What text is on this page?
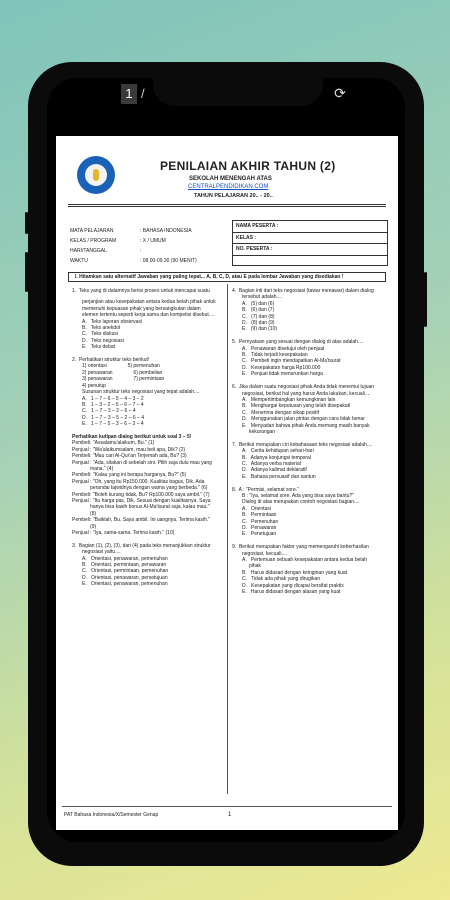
1 /	⟳
PENILAIAN AKHIR TAHUN (2)
SEKOLAH MENENGAH ATAS
CENTRALPENDIDIKAN.COM
TAHUN PELAJARAN 20.. - 20..
MATA PELAJARAN	: BAHASA INDONESIA
KELAS / PROGRAM	: X / UMUM
HARI/TANGGAL	:
WAKTU	: 08.00-09.30 (90 MENIT)
NAMA PESERTA :
KELAS :
NO. PESERTA :
I. Hitamkan satu alternatif Jawaban yang paling tepat... A, B, C, D, atau E pada lembar Jawaban yang disediakan !
1.  Teks yang di dalamnya berisi proses untuk mencapai suatu
perjanjian atau kesepakatan antara kedua belah pihak untuk
memenuhi kepuasan pihak yang bersangkutan dalam
elemen tertentu seperti kerja sama dan kompetisi disebut....
A.   Teks laporan observasi
B.   Teks anekdot
C.   Teks diskusi
D.   Teks negosiasi
E.   Teks debat

2.  Perhatikan struktur teks berikut!
1) orientasi               5) pemenuhan
2) penawaran               6) pembelian
3) penawaran               7) permintaan
4) penutup
Susunan struktur teks negosiasi yang tepat adalah....
A.   1 – 7 – 6 – 5 – 4 – 3 – 2
B.   1 – 3 – 2 – 5 – 6 – 7 – 4
C.   1 – 7 – 3 – 2 – 6 – 4
D.   1 – 7 – 3 – 5 – 2 – 6 – 4
E.   1 – 7 – 5 – 3 – 6 – 2 – 4

Perhatikan kutipan dialog berikut untuk soal 3 – 5!
Pembeli: "Assalamu'alaikum, Bu." (1)
Penjual : "Wa'alaikumsalam, mau beli apa, Dik? (2)
Pembeli: "Mau cari Al-Qur'an Terjemah ada, Bu? (3)
Penjual : "Ada, silakan di sebelah sini. Pilih saja dulu mau yang
mana." (4)
Pembeli: "Kalau yang ini berapa harganya, Bu?" (5)
Penjual : "Oh, yang itu Rp150.000. Kualitas bagus, Dik. Ada
perandai tajwidnya dengan warna yang berbeda." (6)
Pembeli: "Boleh kurang tidak, Bu? Rp100.000 saya ambil." (7)
Penjual : "Itu harga pas, Dik. Sesuai dengan kualitasnya. Saya
hanya bisa kasih bonus Al-Ma'tsurat saja, kalau mau."
(8)
Pembeli: "Baiklah, Bu. Saya ambil. Ini uangnya. Terima kasih."
(9)
Penjual : "Iya, sama-sama. Terima kasih." (10)

3.  Bagian (1), (2), (3), dan (4) pada teks menunjukkan struktur
negosiasi yaitu....
A.   Orientasi, penawaran, pemenuhan
B.   Orientasi, permintaan, penawaran
C.   Orientasi, permintaan, pemenuhan
D.   Orientasi, penawaran, persetujuan
E.   Orientasi, penawaran, pemenuhan
4.  Bagian inti dari teks negosiasi (tawar menawar) dalam dialog
tersebut adalah....
A.   (5) dan (6)
B.   (6) dan (7)
C.   (7) dan (8)
D.   (8) dan (9)
E.   (9) dan (10)

5.  Pernyataan yang sesuai dengan dialog di atas adalah....
A.   Penawaran disetujui oleh penjual
B.   Tidak terjadi kesepakatan
C.   Pembeli ingin mendapatkan Al-Ma'tsurat
D.   Kesepakatan harga Rp100.000
E.   Penjual tidak menurunkan harga

6.  Jika dalam suatu negosiasi pihak Anda tidak menemui tujuan
negosiasi, berikut hal yang harus Anda lakukan, kecuali....
A.   Mempertimbangkan kemungkinan lain
B.   Menghargai keputusan yang telah disepakati
C.   Menerima dengan sikap positif
D.   Menggunakan jalan pintas dengan cara tidak benar
E.   Menyadari bahwa pihak Anda memang masih banyak
kekurangan

7.  Berikut merupakan ciri kebahasaan teks negosiasi adalah....
A.   Cerita kehidupan sehari-hari
B.   Adanya konjungsi temporal
C.   Adanya verba material
D.   Adanya kalimat deklaratif
E.   Bahasa persuasif dan santun

8.  A : "Permisi, selamat sore."
B : "Iya, selamat sore. Ada yang bisa saya bantu?"
Dialog di atas merupakan contoh negosiasi bagian....
A.   Orientasi
B.   Permintaan
C.   Pemenuhan
D.   Penawaran
E.   Penetujuan

9.  Berikut merupakan faktor yang memengaruhi keberhasilan
negosiasi, kecuali....
A.   Pertemuan sebuah kesepakatan antara kedua belah
pihak
B.   Harus didasari dengan keinginan yang kuat
C.   Tidak ada pihak yang dirugikan
D.   Kesepakatan yang dicapai bersifat praktis
E.   Harus didasari dengan alasan yang kuat
PAT Bahasa Indonesia/X/Semester Genap	1
